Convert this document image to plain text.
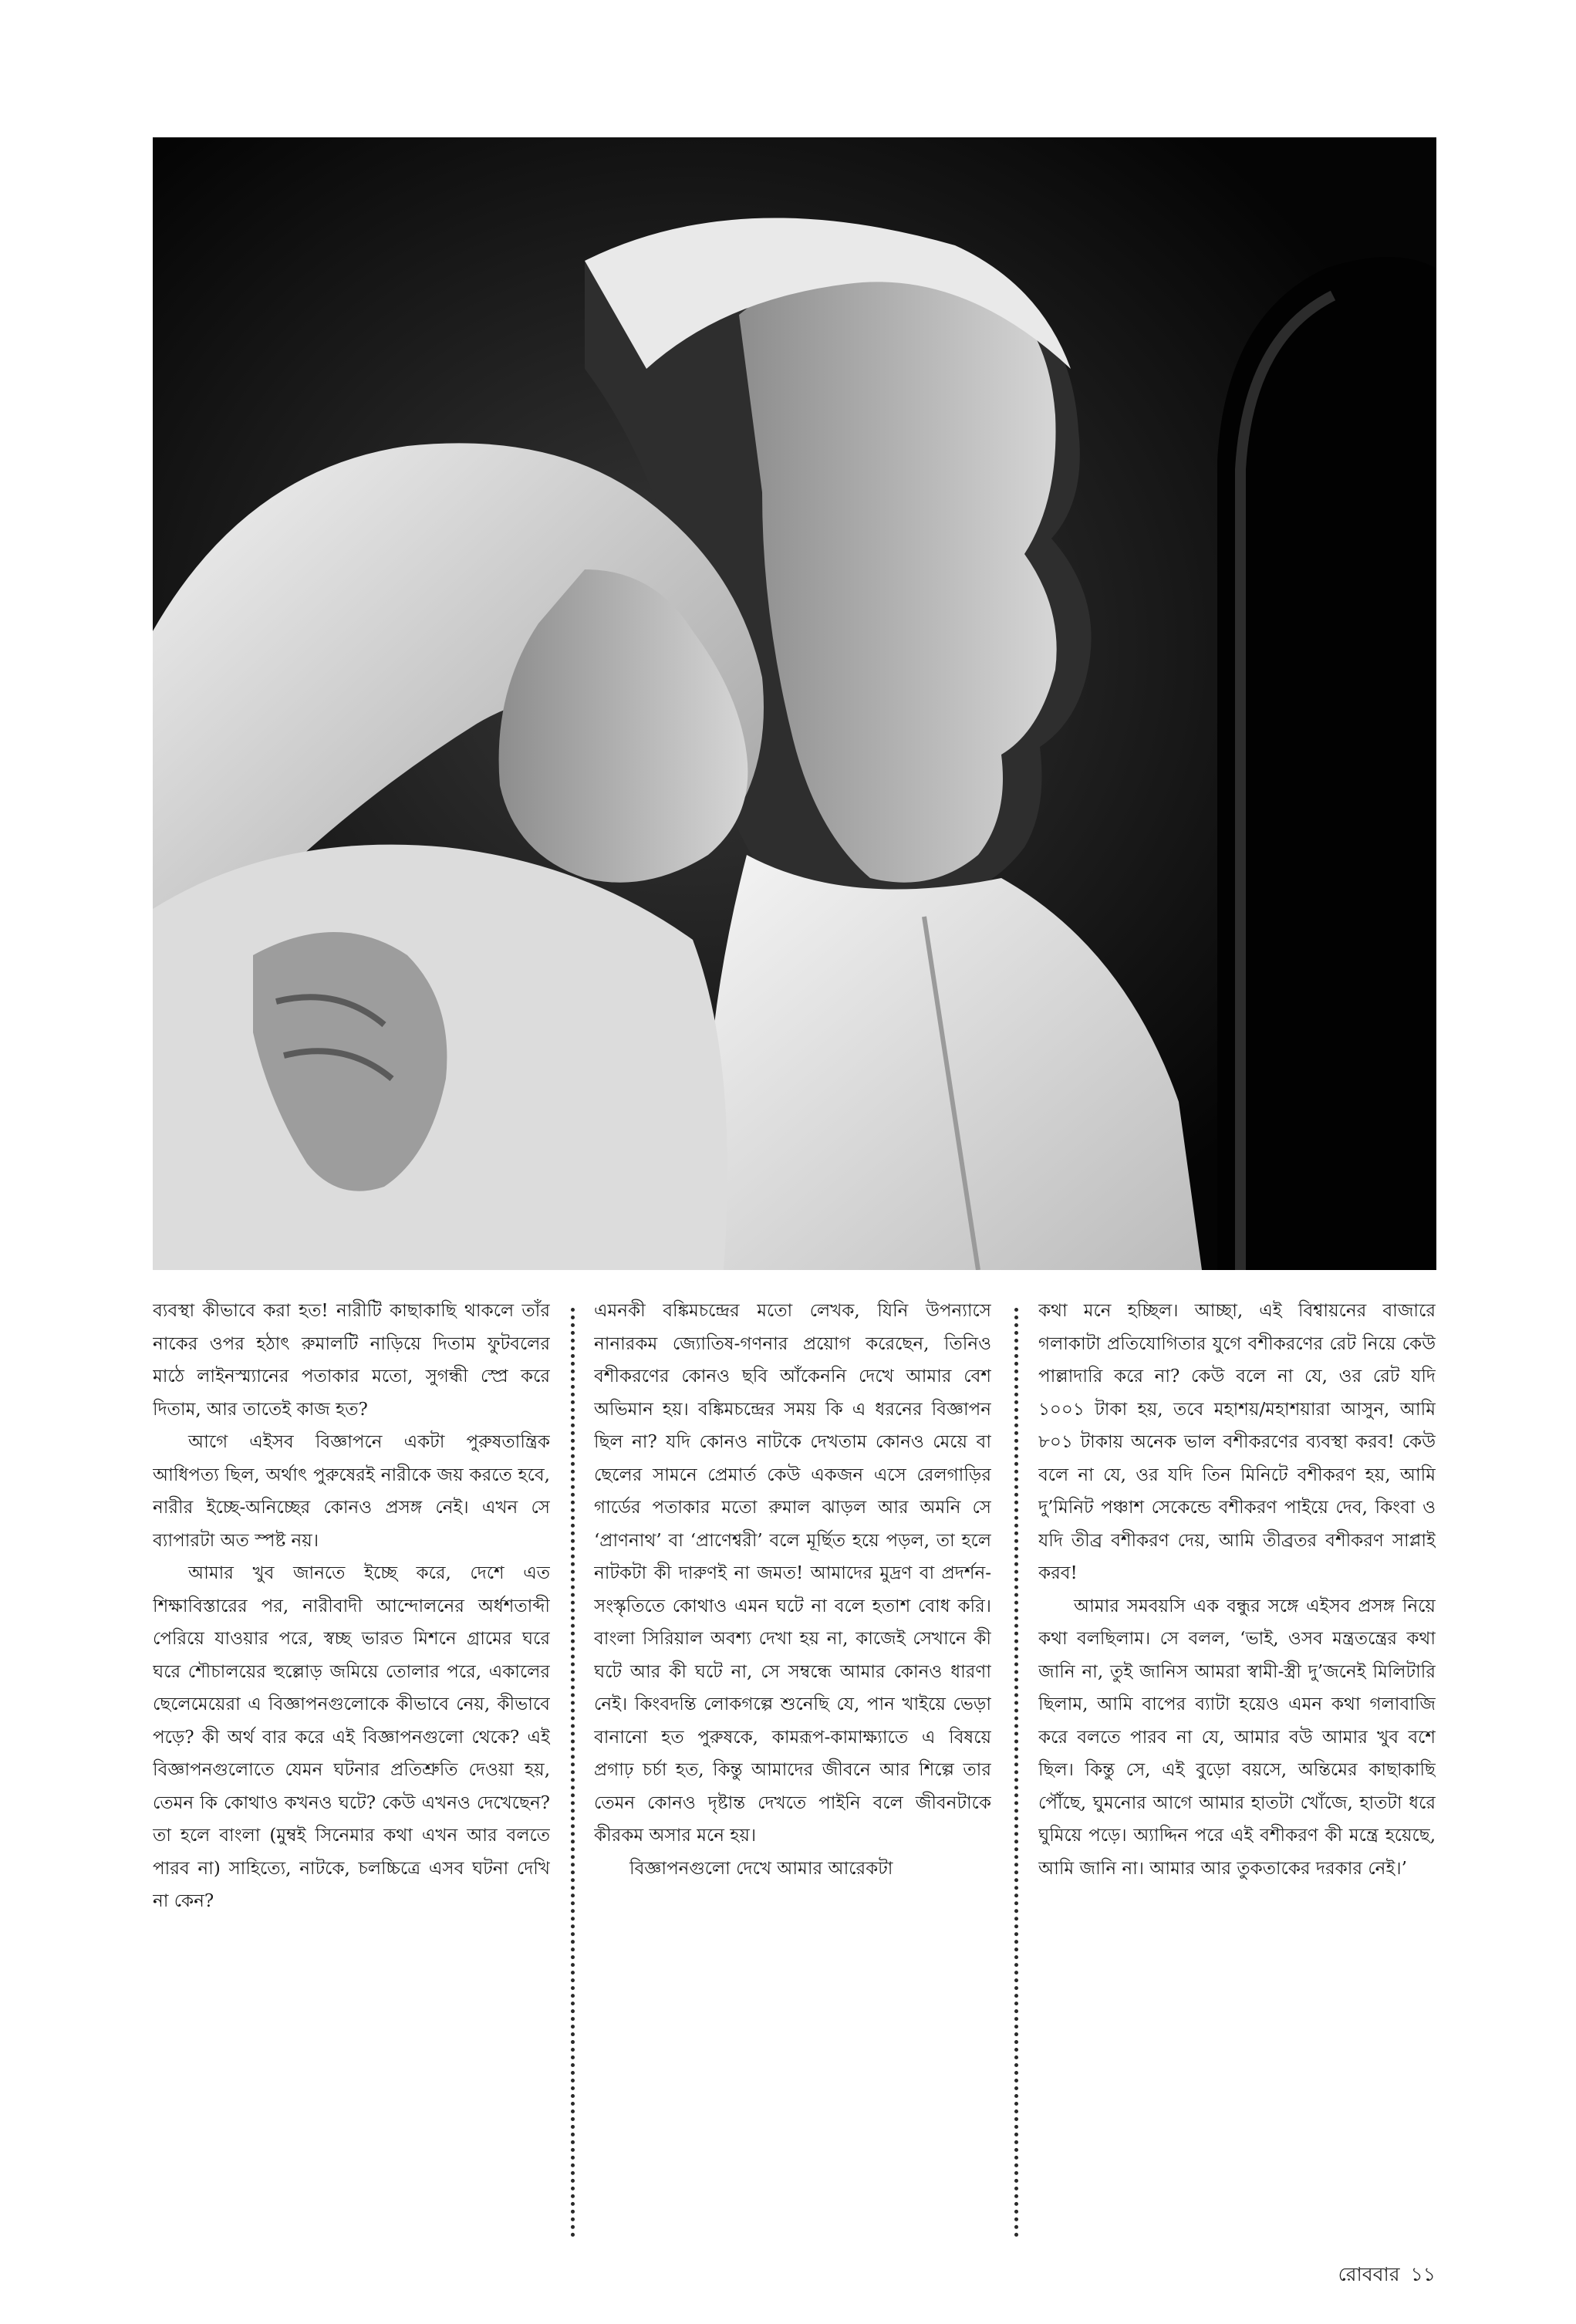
ব্যবস্থা কীভাবে করা হত! নারীটি কাছাকাছি থাকলে তাঁর নাকের ওপর হঠাৎ রুমালটি নাড়িয়ে দিতাম ফুটবলের মাঠে লাইনস্ম্যানের পতাকার মতো, সুগন্ধী স্প্রে করে দিতাম, আর তাতেই কাজ হত?

আগে এইসব বিজ্ঞাপনে একটা পুরুষতান্ত্রিক আধিপত্য ছিল, অর্থাৎ পুরুষেরই নারীকে জয় করতে হবে, নারীর ইচ্ছে-অনিচ্ছের কোনও প্রসঙ্গ নেই। এখন সে ব্যাপারটা অত স্পষ্ট নয়।

আমার খুব জানতে ইচ্ছে করে, দেশে এত শিক্ষাবিস্তারের পর, নারীবাদী আন্দোলনের অর্ধশতাব্দী পেরিয়ে যাওয়ার পরে, স্বচ্ছ ভারত মিশনে গ্রামের ঘরে ঘরে শৌচালয়ের হুল্লোড় জমিয়ে তোলার পরে, একালের ছেলেমেয়েরা এ বিজ্ঞাপনগুলোকে কীভাবে নেয়, কীভাবে পড়ে? কী অর্থ বার করে এই বিজ্ঞাপনগুলো থেকে? এই বিজ্ঞাপনগুলোতে যেমন ঘটনার প্রতিশ্রুতি দেওয়া হয়, তেমন কি কোথাও কখনও ঘটে? কেউ এখনও দেখেছেন? তা হলে বাংলা (মুম্বই সিনেমার কথা এখন আর বলতে পারব না) সাহিত্যে, নাটকে, চলচ্চিত্রে এসব ঘটনা দেখি না কেন?

এমনকী বঙ্কিমচন্দ্রের মতো লেখক, যিনি উপন্যাসে নানারকম জ্যোতিষ-গণনার প্রয়োগ করেছেন, তিনিও বশীকরণের কোনও ছবি আঁকেননি দেখে আমার বেশ অভিমান হয়। বঙ্কিমচন্দ্রের সময় কি এ ধরনের বিজ্ঞাপন ছিল না? যদি কোনও নাটকে দেখতাম কোনও মেয়ে বা ছেলের সামনে প্রেমার্ত কেউ একজন এসে রেলগাড়ির গার্ডের পতাকার মতো রুমাল ঝাড়ল আর অমনি সে ‘প্রাণনাথ’ বা ‘প্রাণেশ্বরী’ বলে মূর্ছিত হয়ে পড়ল, তা হলে নাটকটা কী দারুণই না জমত! আমাদের মুদ্রণ বা প্রদর্শন-সংস্কৃতিতে কোথাও এমন ঘটে না বলে হতাশ বোধ করি। বাংলা সিরিয়াল অবশ্য দেখা হয় না, কাজেই সেখানে কী ঘটে আর কী ঘটে না, সে সম্বন্ধে আমার কোনও ধারণা নেই। কিংবদন্তি লোকগল্পে শুনেছি যে, পান খাইয়ে ভেড়া বানানো হত পুরুষকে, কামরূপ-কামাক্ষ্যাতে এ বিষয়ে প্রগাঢ় চর্চা হত, কিন্তু আমাদের জীবনে আর শিল্পে তার তেমন কোনও দৃষ্টান্ত দেখতে পাইনি বলে জীবনটাকে কীরকম অসার মনে হয়।

বিজ্ঞাপনগুলো দেখে আমার আরেকটা

কথা মনে হচ্ছিল। আচ্ছা, এই বিশ্বায়নের বাজারে গলাকাটা প্রতিযোগিতার যুগে বশীকরণের রেট নিয়ে কেউ পাল্লাদারি করে না? কেউ বলে না যে, ওর রেট যদি ১০০১ টাকা হয়, তবে মহাশয়/মহাশয়ারা আসুন, আমি ৮০১ টাকায় অনেক ভাল বশীকরণের ব্যবস্থা করব! কেউ বলে না যে, ওর যদি তিন মিনিটে বশীকরণ হয়, আমি দু’মিনিট পঞ্চাশ সেকেন্ডে বশীকরণ পাইয়ে দেব, কিংবা ও যদি তীব্র বশীকরণ দেয়, আমি তীব্রতর বশীকরণ সাপ্লাই করব!

আমার সমবয়সি এক বন্ধুর সঙ্গে এইসব প্রসঙ্গ নিয়ে কথা বলছিলাম। সে বলল, ‘ভাই, ওসব মন্ত্রতন্ত্রের কথা জানি না, তুই জানিস আমরা স্বামী-স্ত্রী দু’জনেই মিলিটারি ছিলাম, আমি বাপের ব্যাটা হয়েও এমন কথা গলাবাজি করে বলতে পারব না যে, আমার বউ আমার খুব বশে ছিল। কিন্তু সে, এই বুড়ো বয়সে, অন্তিমের কাছাকাছি পৌঁছে, ঘুমনোর আগে আমার হাতটা খোঁজে, হাতটা ধরে ঘুমিয়ে পড়ে। অ্যাদ্দিন পরে এই বশীকরণ কী মন্ত্রে হয়েছে, আমি জানি না। আমার আর তুকতাকের দরকার নেই।’

রোববার ১১
